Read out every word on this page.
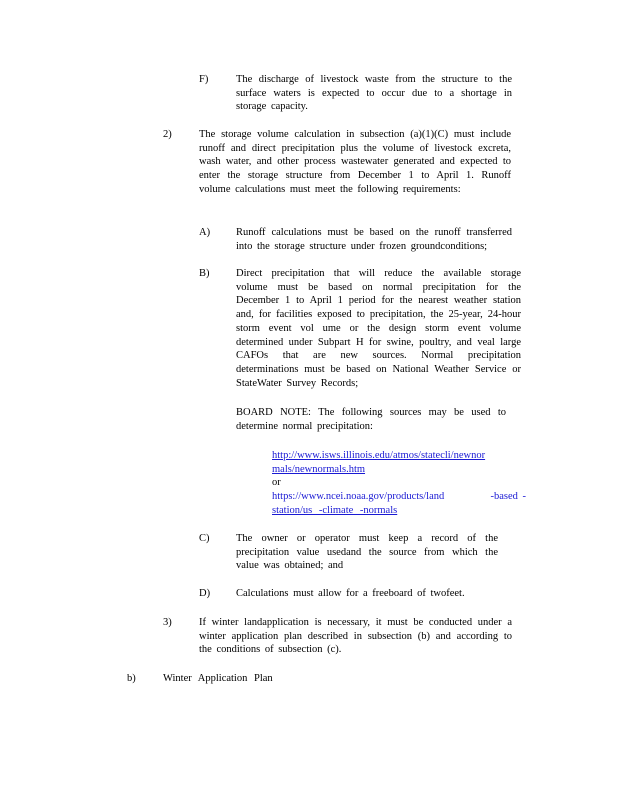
F)	The discharge of livestock waste from the structure to the surface waters is expected to occur due to a shortage in storage capacity.
2)	The storage volume calculation in subsection (a)(1)(C) must include runoff and direct precipitation plus the volume of livestock excreta, wash water, and other process wastewater generated and expected to enter the storage structure from December 1 to April 1. Runoff volume calculations must meet the following requirements:
A) Runoff calculations must be based on the runoff transferred into the storage structure under frozen groundconditions;
B)	Direct precipitation that will reduce the available storage volume must be based on normal precipitation for the December 1 to April 1 period for the nearest weather station and, for facilities exposed to precipitation, the 25-year, 24-hour storm event vol ume or the design storm event volume determined under Subpart H for swine, poultry, and veal large CAFOs that are new sources. Normal precipitation determinations must be based on National Weather Service or StateWater Survey Records;
BOARD NOTE: The following sources may be used to determine normal precipitation:
http://www.isws.illinois.edu/atmos/statecli/newnor
mals/newnormals.htm
or
https://www.ncei.noaa.gov/products/land          -based -
station/us -climate -normals
C)	The owner or operator must keep a record of the precipitation value usedand the source from which the value was obtained; and
D) Calculations must allow for a freeboard of twofeet.
3)	If winter landapplication is necessary, it must be conducted under a winter application plan described in subsection (b) and according to the conditions of subsection (c).
b)	Winter Application Plan
